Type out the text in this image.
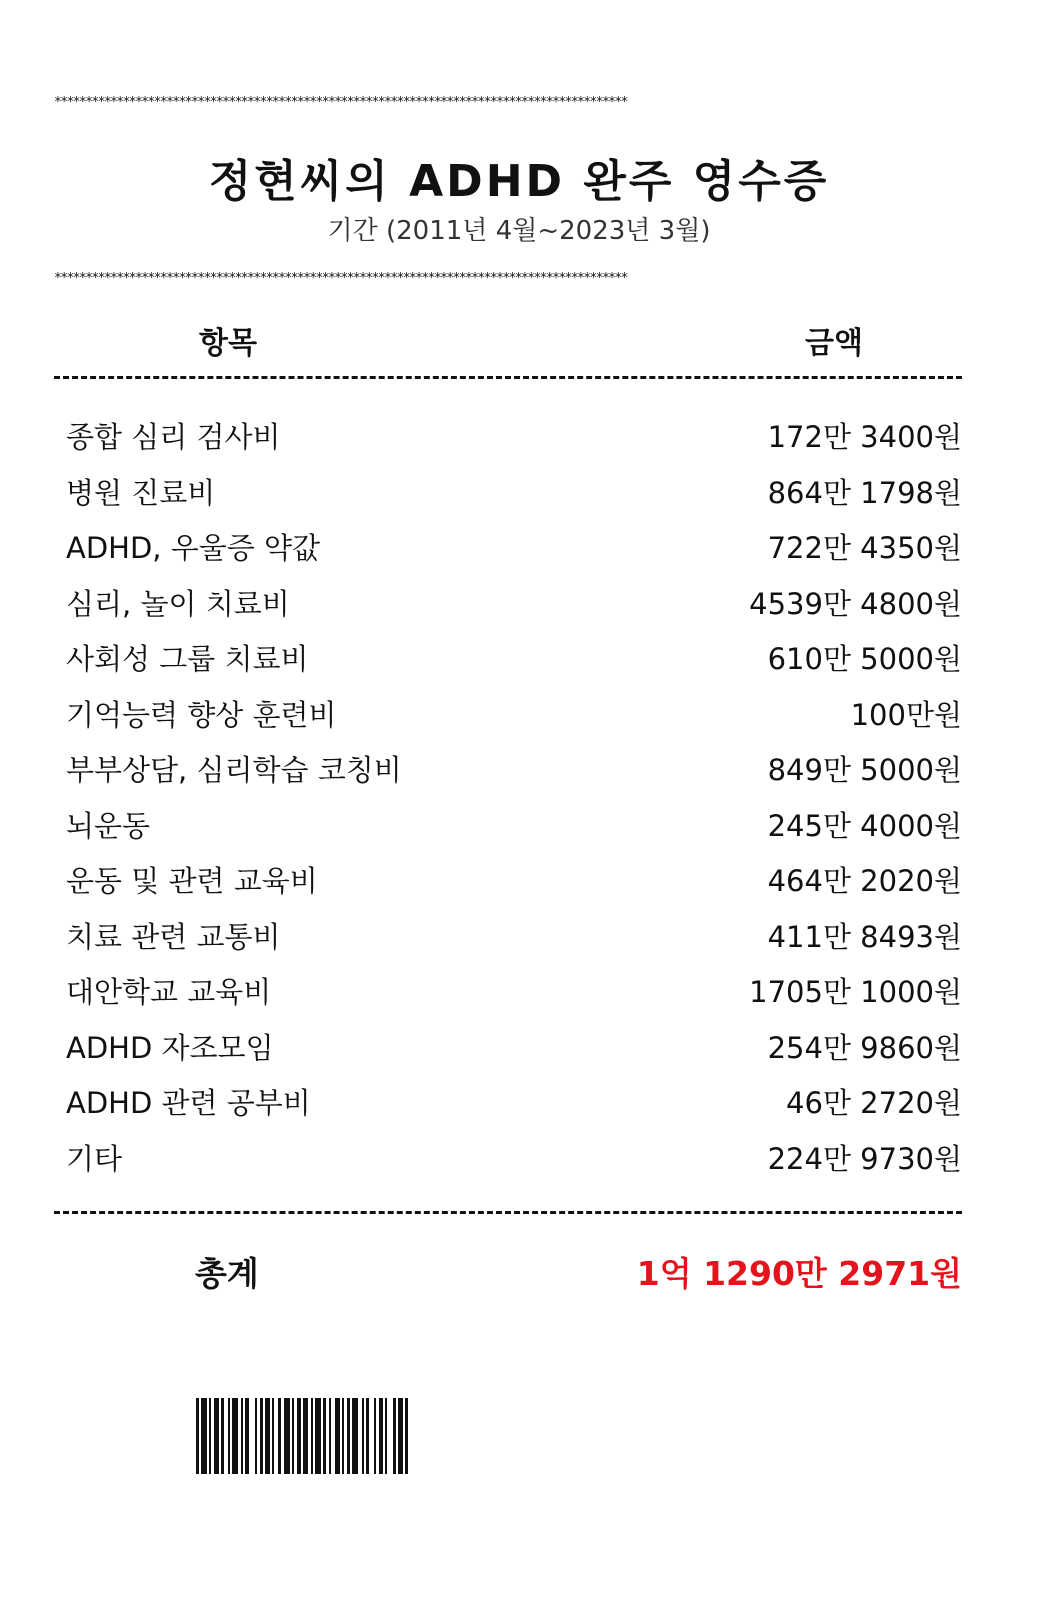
********************************************************************************************
정현씨의 ADHD 완주 영수증
기간 (2011년 4월~2023년 3월)
********************************************************************************************
항목	금액
종합 심리 검사비	172만 3400원
병원 진료비	864만 1798원
ADHD, 우울증 약값	722만 4350원
심리, 놀이 치료비	4539만 4800원
사회성 그룹 치료비	610만 5000원
기억능력 향상 훈련비	100만원
부부상담, 심리학습 코칭비	849만 5000원
뇌운동	245만 4000원
운동 및 관련 교육비	464만 2020원
치료 관련 교통비	411만 8493원
대안학교 교육비	1705만 1000원
ADHD 자조모임	254만 9860원
ADHD 관련 공부비	46만 2720원
기타	224만 9730원
총계	1억 1290만 2971원
